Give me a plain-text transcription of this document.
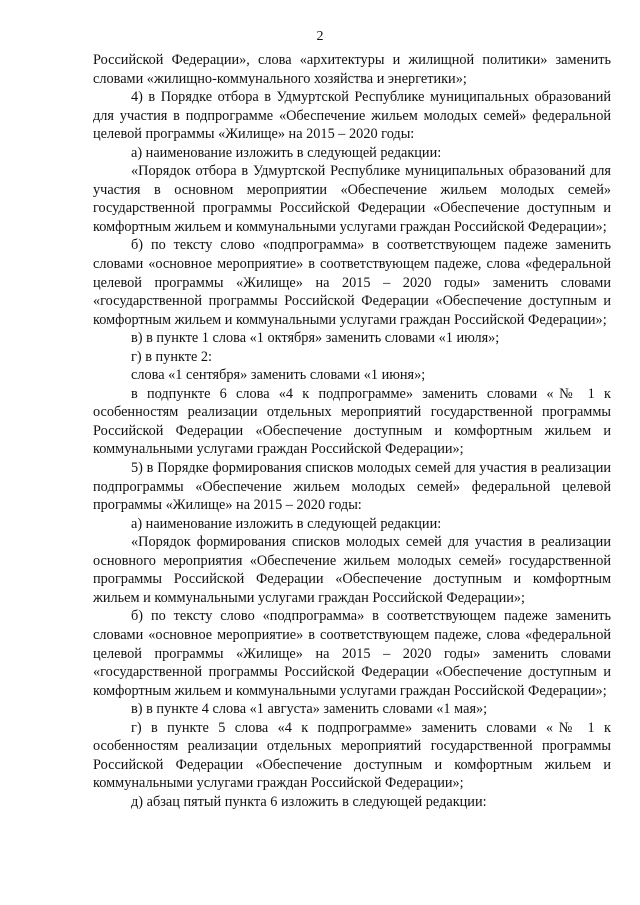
2

Российской Федерации», слова «архитектуры и жилищной политики» заменить словами «жилищно-коммунального хозяйства и энергетики»;

4) в Порядке отбора в Удмуртской Республике муниципальных образований для участия в подпрограмме «Обеспечение жильем молодых семей» федеральной целевой программы «Жилище» на 2015 – 2020 годы:

а) наименование изложить в следующей редакции:

«Порядок отбора в Удмуртской Республике муниципальных образований для участия в основном мероприятии «Обеспечение жильем молодых семей» государственной программы Российской Федерации «Обеспечение доступным и комфортным жильем и коммунальными услугами граждан Российской Федерации»;

б) по тексту слово «подпрограмма» в соответствующем падеже заменить словами «основное мероприятие» в соответствующем падеже, слова «федеральной целевой программы «Жилище» на 2015 – 2020 годы» заменить словами «государственной программы Российской Федерации «Обеспечение доступным и комфортным жильем и коммунальными услугами граждан Российской Федерации»;

в) в пункте 1 слова «1 октября» заменить словами «1 июля»;

г) в пункте 2:

слова «1 сентября» заменить словами «1 июня»;

в подпункте 6 слова «4 к подпрограмме» заменить словами «№ 1 к особенностям реализации отдельных мероприятий государственной программы Российской Федерации «Обеспечение доступным и комфортным жильем и коммунальными услугами граждан Российской Федерации»;

5) в Порядке формирования списков молодых семей для участия в реализации подпрограммы «Обеспечение жильем молодых семей» федеральной целевой программы «Жилище» на 2015 – 2020 годы:

а) наименование изложить в следующей редакции:

«Порядок формирования списков молодых семей для участия в реализации основного мероприятия «Обеспечение жильем молодых семей» государственной программы Российской Федерации «Обеспечение доступным и комфортным жильем и коммунальными услугами граждан Российской Федерации»;

б) по тексту слово «подпрограмма» в соответствующем падеже заменить словами «основное мероприятие» в соответствующем падеже, слова «федеральной целевой программы «Жилище» на 2015 – 2020 годы» заменить словами «государственной программы Российской Федерации «Обеспечение доступным и комфортным жильем и коммунальными услугами граждан Российской Федерации»;

в) в пункте 4 слова «1 августа» заменить словами «1 мая»;

г) в пункте 5 слова «4 к подпрограмме» заменить словами «№ 1 к особенностям реализации отдельных мероприятий государственной программы Российской Федерации «Обеспечение доступным и комфортным жильем и коммунальными услугами граждан Российской Федерации»;

д) абзац пятый пункта 6 изложить в следующей редакции:
